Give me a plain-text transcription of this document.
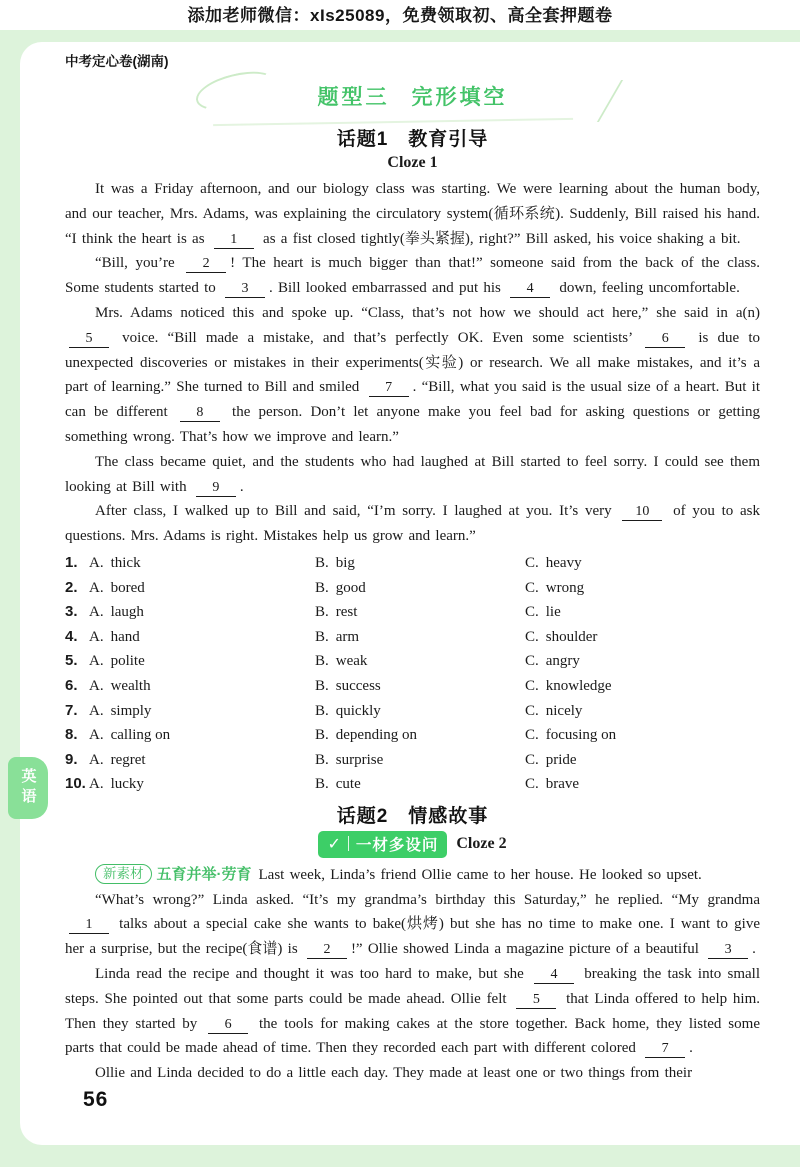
添加老师微信：xIs25089，免费领取初、高全套押题卷
中考定心卷(湖南)
题型三 完形填空
话题1　教育引导
Cloze 1

It was a Friday afternoon, and our biology class was starting. We were learning about the human body, and our teacher, Mrs. Adams, was explaining the circulatory system(循环系统). Suddenly, Bill raised his hand. “I think the heart is as 1 as a fist closed tightly(拳头紧握), right?” Bill asked, his voice shaking a bit.

“Bill, you’re 2 ! The heart is much bigger than that!” someone said from the back of the class. Some students started to 3 . Bill looked embarrassed and put his 4 down, feeling uncomfortable.

Mrs. Adams noticed this and spoke up. “Class, that’s not how we should act here,” she said in a(n) 5 voice. “Bill made a mistake, and that’s perfectly OK. Even some scientists’ 6 is due to unexpected discoveries or mistakes in their experiments(实验) or research. We all make mistakes, and it’s a part of learning.” She turned to Bill and smiled 7 . “Bill, what you said is the usual size of a heart. But it can be different 8 the person. Don’t let anyone make you feel bad for asking questions or getting something wrong. That’s how we improve and learn.”

The class became quiet, and the students who had laughed at Bill started to feel sorry. I could see them looking at Bill with 9 .

After class, I walked up to Bill and said, “I’m sorry. I laughed at you. It’s very 10 of you to ask questions. Mrs. Adams is right. Mistakes help us grow and learn.”

1. A. thick	B. big	C. heavy
2. A. bored	B. good	C. wrong
3. A. laugh	B. rest	C. lie
4. A. hand	B. arm	C. shoulder
5. A. polite	B. weak	C. angry
6. A. wealth	B. success	C. knowledge
7. A. simply	B. quickly	C. nicely
8. A. calling on	B. depending on	C. focusing on
9. A. regret	B. surprise	C. pride
10. A. lucky	B. cute	C. brave
话题2　情感故事
✓ 一材多设问 Cloze 2

新素材 五育并举·劳育 Last week, Linda’s friend Ollie came to her house. He looked so upset.

“What’s wrong?” Linda asked. “It’s my grandma’s birthday this Saturday,” he replied. “My grandma 1 talks about a special cake she wants to bake(烘烤) but she has no time to make one. I want to give her a surprise, but the recipe(食谱) is 2 !” Ollie showed Linda a magazine picture of a beautiful 3 .

Linda read the recipe and thought it was too hard to make, but she 4 breaking the task into small steps. She pointed out that some parts could be made ahead. Ollie felt 5 that Linda offered to help him. Then they started by 6 the tools for making cakes at the store together. Back home, they listed some parts that could be made ahead of time. Then they recorded each part with different colored 7 .

Ollie and Linda decided to do a little each day. They made at least one or two things from their

56
英语
